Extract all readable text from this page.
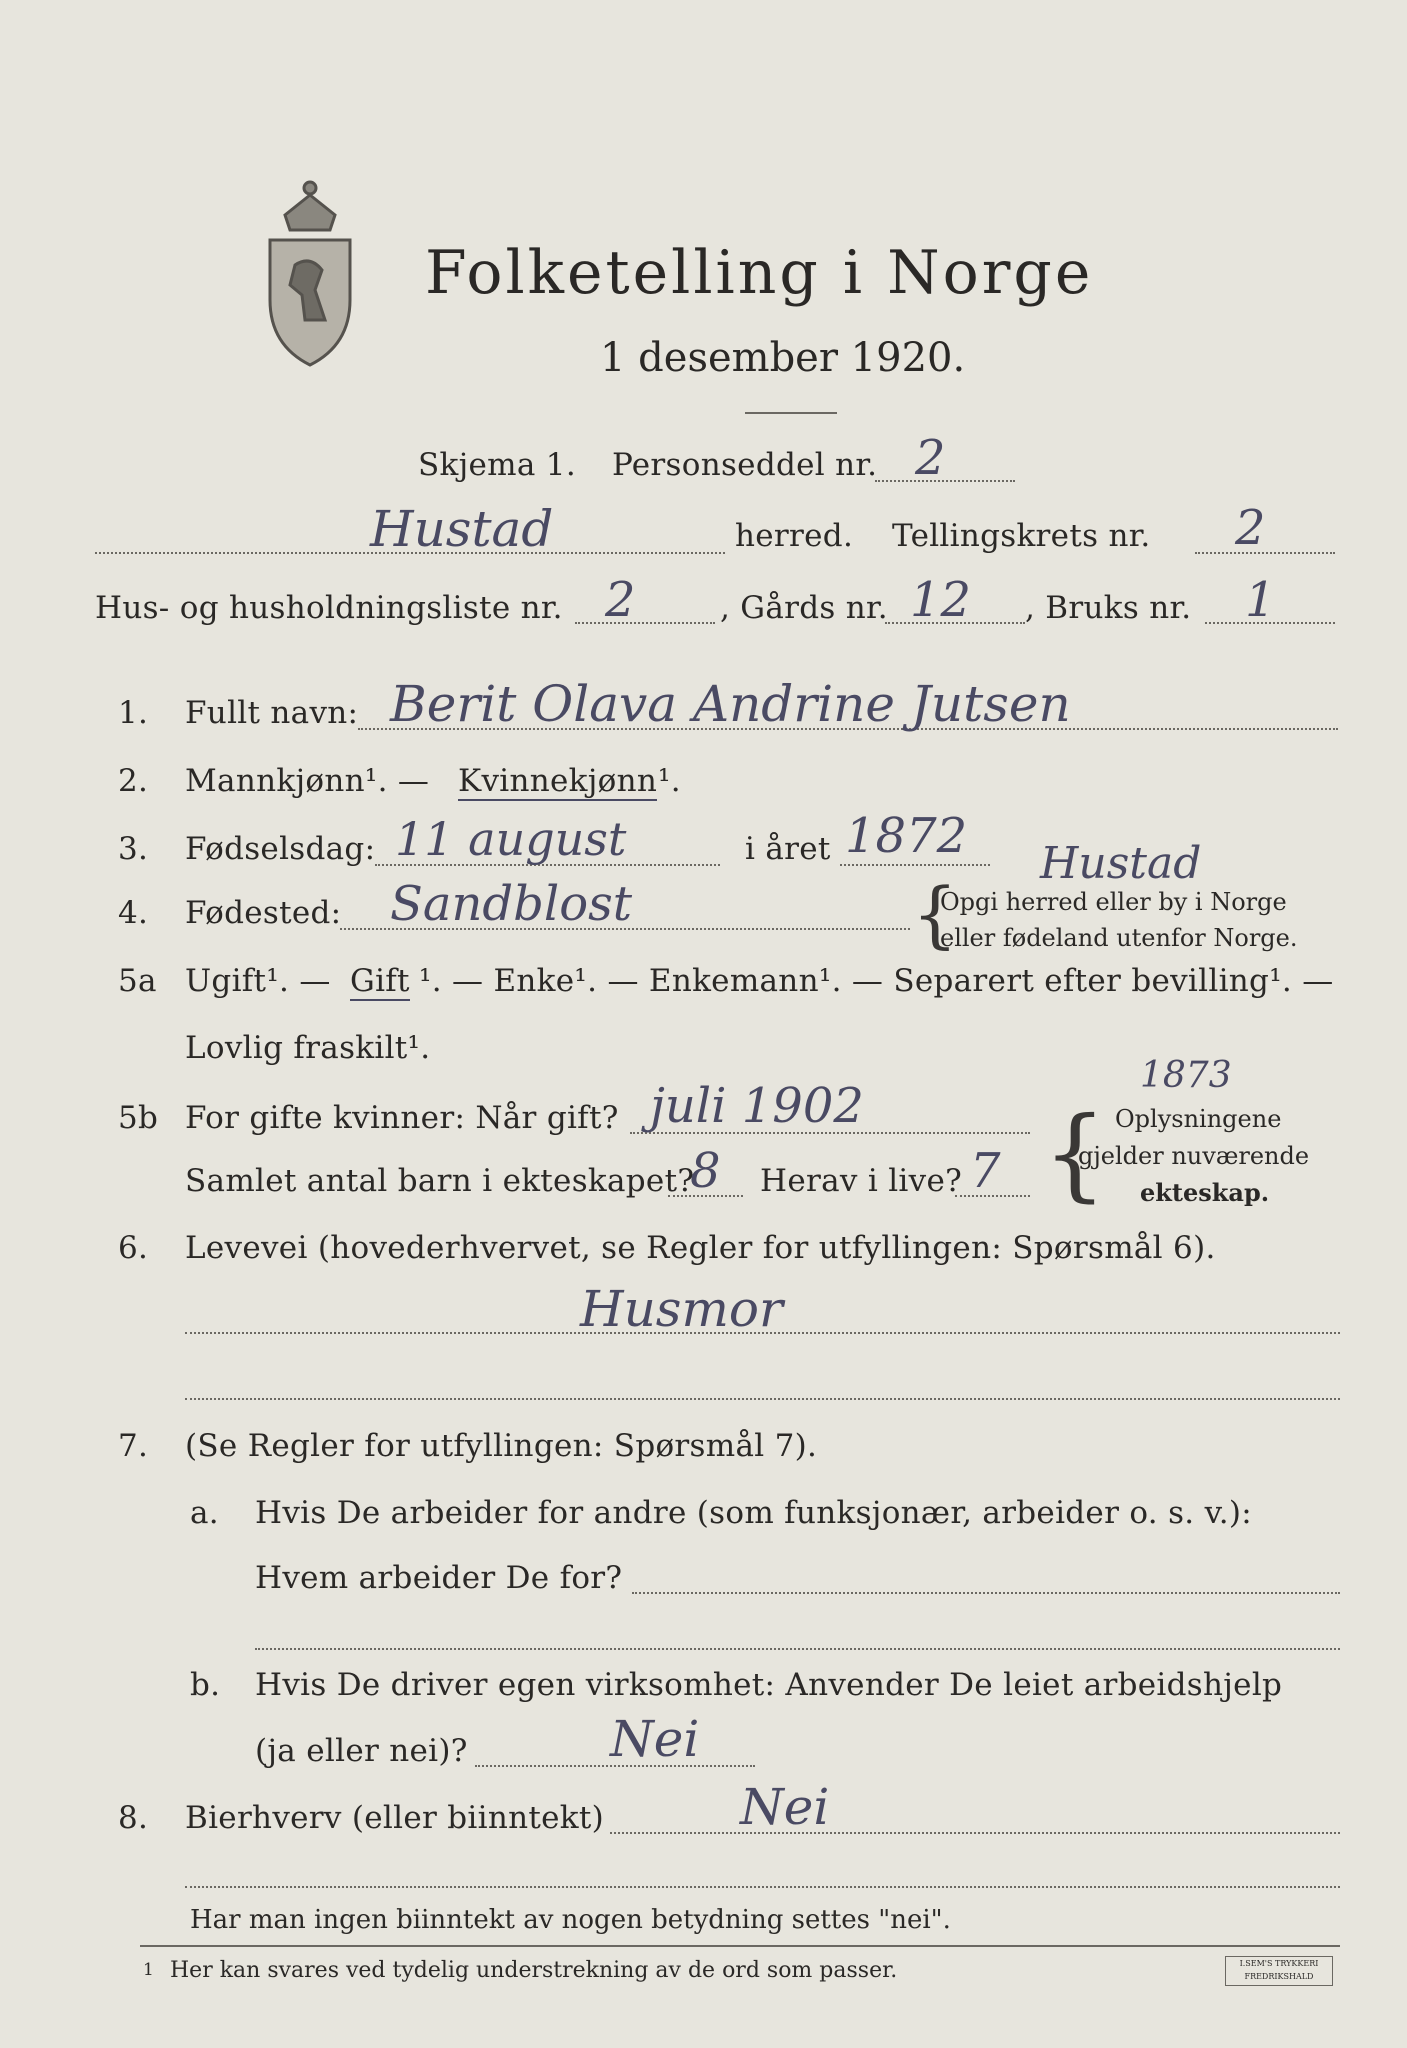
Folketelling i Norge
1 desember 1920.
Skjema 1. Personseddel nr. 2
Hustad	herred. Tellingskrets nr. 2
Hus- og husholdningsliste nr. 2	, Gårds nr. 12 , Bruks nr. 1
1. Fullt navn: Berit Olava Andrine Jutsen
2. Mannkjønn¹. — Kvinnekjønn ¹.
3. Fødselsdag: 11 august	i året 1872
4. Fødested: Sandblost
Hustad
{
Opgi herred eller by i Norge
eller fødeland utenfor Norge.
5a Ugift¹. — Gift ¹. — Enke¹. — Enkemann¹. — Separert efter bevilling¹. —
Lovlig fraskilt¹.
5b For gifte kvinner: Når gift? juli 1902
1873
Samlet antal barn i ekteskapet?
8 Herav i live? 7 { Oplysningene
gjelder nuværende
ekteskap.
6. Levevei (hovederhvervet, se Regler for utfyllingen: Spørsmål 6).
Husmor
7. (Se Regler for utfyllingen: Spørsmål 7).
a. Hvis De arbeider for andre (som funksjonær, arbeider o. s. v.):
Hvem arbeider De for?
b. Hvis De driver egen virksomhet: Anvender De leiet arbeidshjelp
(ja eller nei)?	Nei
8. Bierhverv (eller biinntekt)	Nei
Har man ingen biinntekt av nogen betydning settes "nei".
1 Her kan svares ved tydelig understrekning av de ord som passer.	I.SEM'S TRYKKERI FREDRIKSHALD
